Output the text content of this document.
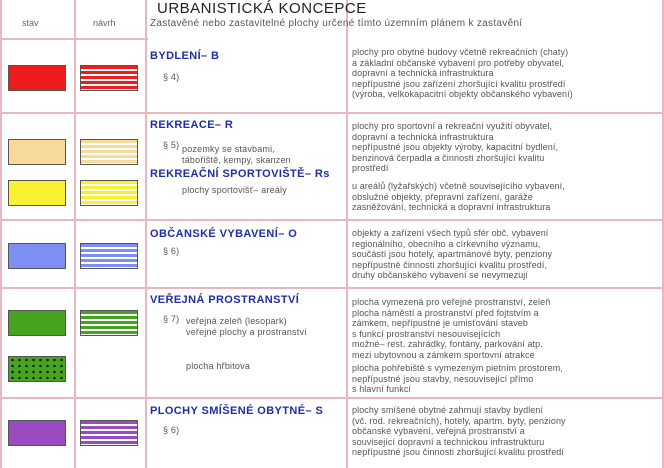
URBANISTICKÁ KONCEPCE
Zastavěné nebo zastavitelné plochy určené tímto územním plánem k zastavění
stav	návrh
BYDLENÍ– B
§ 4)
plochy pro obytné budovy včetně rekreačních (chaty)
a základní občanské vybavení pro potřeby obyvatel,
dopravní a technická infrastruktura
nepřípustné jsou zařízení zhoršující kvalitu prostředí
(výroba, velkokapacitní objekty občanského vybavení)
REKREACE– R
§ 5) pozemky se stavbami,
tábořiště, kempy, skanzen
plochy pro sportovní a rekreační využití obyvatel,
dopravní a technická infrastruktura
nepřípustné jsou objekty výroby, kapacitní bydlení,
benzinová čerpadla a činnosti zhoršující kvalitu
prostředí
REKREAČNÍ SPORTOVIŠTĚ– Rs
plochy sportovišť– areály	u areálů (lyžařských) včetně souvisejícího vybavení,
obslužné objekty, přepravní zařízení, garáže
zasněžování, technická a dopravní infrastruktura
OBČANSKÉ VYBAVENÍ– O
§ 6)
objekty a zařízení všech typů sfér obč. vybavení
regionálního, obecního a církevního významu,
součástí jsou hotely, apartmánové byty, penziony
nepřípustné činnosti zhoršující kvalitu prostředí,
druhy občanského vybavení se nevymezují
VEŘEJNÁ PROSTRANSTVÍ
§ 7) veřejná zeleň (lesopark)
veřejné plochy a prostranství
plocha hřbitova
plocha vymezená pro veřejné prostranství, zeleň
plocha náměstí a prostranství před fojtstvím a
zámkem, nepřípustné je umisťování staveb
s funkcí prostranství nesouvisejících
možné– rest. zahrádky, fontány, parkování atp.
mezi ubytovnou a zámkem sportovní atrakce
plocha pohřebiště s vymezeným pietním prostorem,
nepřípustné jsou stavby, nesouvisející přímo
s hlavní funkcí
PLOCHY SMÍŠENÉ OBYTNÉ– S
§ 6)
plochy smíšené obytné zahrnují stavby bydlení
(vč. rod. rekreačních), hotely, apartm. byty, penziony
občanské vybavení, veřejná prostranství a
související dopravní a technickou infrastrukturu
nepřípustné jsou činnosti zhoršující kvalitu prostředí
